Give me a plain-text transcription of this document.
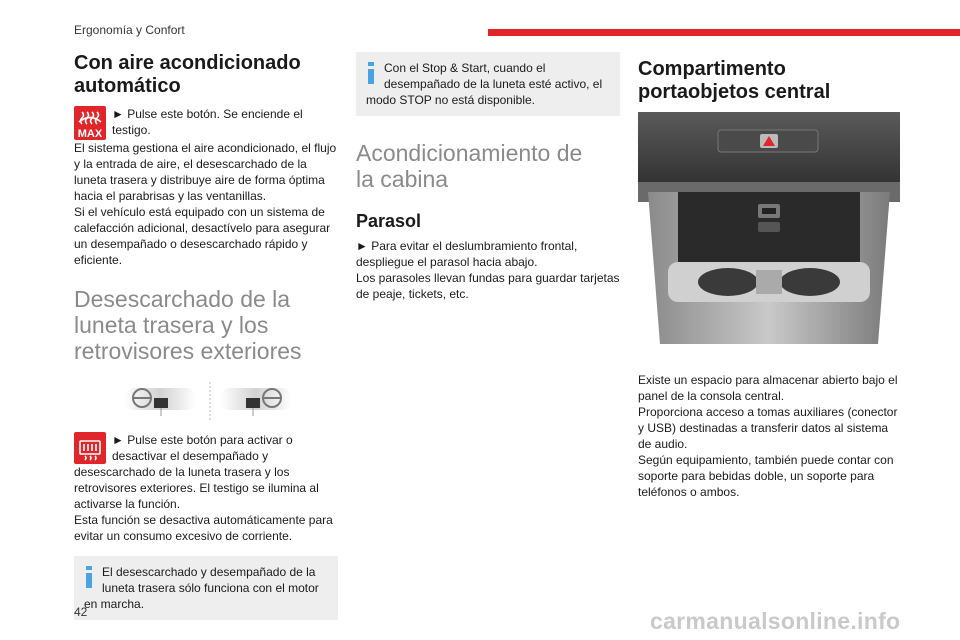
Ergonomía y Confort
Con aire acondicionado automático
MAX

► Pulse este botón. Se enciende el testigo.

El sistema gestiona el aire acondicionado, el flujo y la entrada de aire, el desescarchado de la luneta trasera y distribuye aire de forma óptima hacia el parabrisas y las ventanillas.

Si el vehículo está equipado con un sistema de calefacción adicional, desactívelo para asegurar un desempañado o desescarchado rápido y eficiente.

Desescarchado de la luneta trasera y los retrovisores exteriores

► Pulse este botón para activar o desactivar el desempañado y desescarchado de la luneta trasera y los retrovisores exteriores. El testigo se ilumina al activarse la función.

Esta función se desactiva automáticamente para evitar un consumo excesivo de corriente.

El desescarchado y desempañado de la luneta trasera sólo funciona con el motor en marcha.
Con el Stop & Start, cuando el desempañado de la luneta esté activo, el modo STOP no está disponible.
Acondicionamiento de la cabina
Parasol

► Para evitar el deslumbramiento frontal, despliegue el parasol hacia abajo.

Los parasoles llevan fundas para guardar tarjetas de peaje, tickets, etc.

Compartimento portaobjetos central

Existe un espacio para almacenar abierto bajo el panel de la consola central.

Proporciona acceso a tomas auxiliares (conector y USB) destinadas a transferir datos al sistema de audio.

Según equipamiento, también puede contar con soporte para bebidas doble, un soporte para teléfonos o ambos.

42	carmanualsonline.info
